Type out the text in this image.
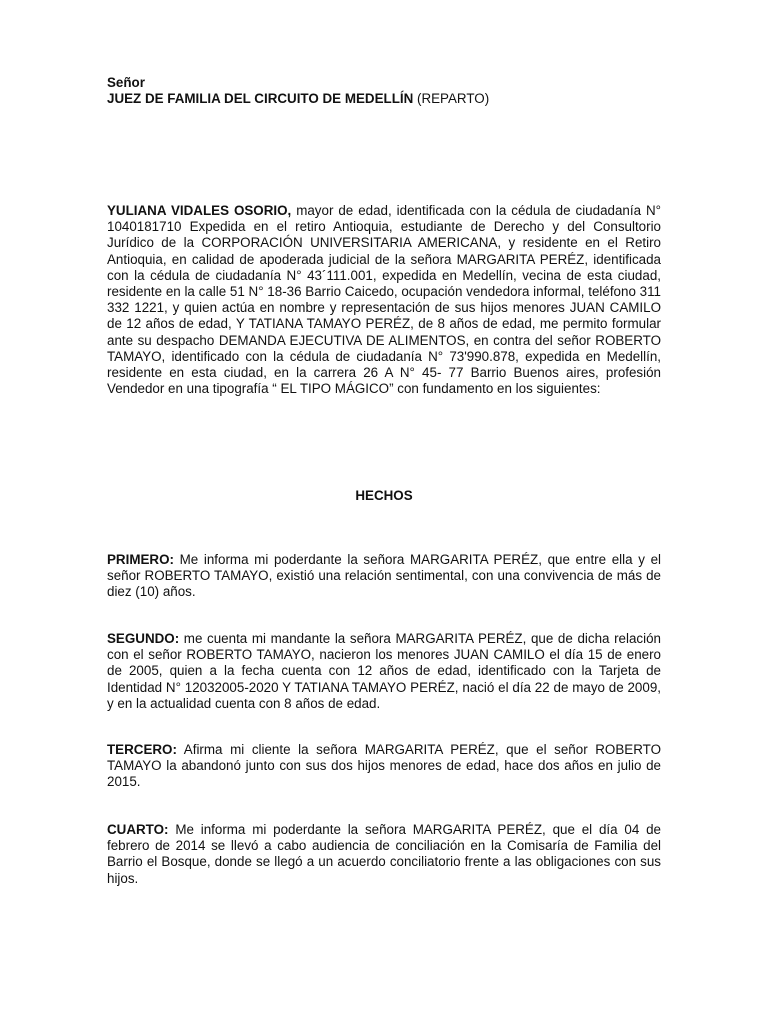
Señor
JUEZ DE FAMILIA DEL CIRCUITO DE MEDELLÍN (REPARTO)
YULIANA VIDALES OSORIO, mayor de edad, identificada con la cédula de ciudadanía N° 1040181710 Expedida en el retiro Antioquia, estudiante de Derecho y del Consultorio Jurídico de la CORPORACIÓN UNIVERSITARIA AMERICANA, y residente en el Retiro Antioquia, en calidad de apoderada judicial de la señora MARGARITA PERÉZ, identificada con la cédula de ciudadanía N° 43´111.001, expedida en Medellín, vecina de esta ciudad, residente en la calle 51 N° 18-36 Barrio Caicedo, ocupación vendedora informal, teléfono 311 332 1221, y quien actúa en nombre y representación de sus hijos menores JUAN CAMILO de 12 años de edad, Y TATIANA TAMAYO PERÉZ, de 8 años de edad, me permito formular ante su despacho DEMANDA EJECUTIVA DE ALIMENTOS, en contra del señor ROBERTO TAMAYO, identificado con la cédula de ciudadanía N° 73'990.878, expedida en Medellín, residente en esta ciudad, en la carrera 26 A N° 45- 77 Barrio Buenos aires, profesión Vendedor en una tipografía “ EL TIPO MÁGICO” con fundamento en los siguientes:
HECHOS
PRIMERO: Me informa mi poderdante la señora MARGARITA PERÉZ, que entre ella y el señor ROBERTO TAMAYO, existió una relación sentimental, con una convivencia de más de diez (10) años.
SEGUNDO: me cuenta mi mandante la señora MARGARITA PERÉZ, que de dicha relación con el señor ROBERTO TAMAYO, nacieron los menores JUAN CAMILO el día 15 de enero de 2005, quien a la fecha cuenta con 12 años de edad, identificado con la Tarjeta de Identidad N° 12032005-2020 Y TATIANA TAMAYO PERÉZ, nació el día 22 de mayo de 2009, y en la actualidad cuenta con 8 años de edad.
TERCERO: Afirma mi cliente la señora MARGARITA PERÉZ, que el señor ROBERTO TAMAYO la abandonó junto con sus dos hijos menores de edad, hace dos años en julio de 2015.
CUARTO: Me informa mi poderdante la señora MARGARITA PERÉZ, que el día 04 de febrero de 2014 se llevó a cabo audiencia de conciliación en la Comisaría de Familia del Barrio el Bosque, donde se llegó a un acuerdo conciliatorio frente a las obligaciones con sus hijos.
